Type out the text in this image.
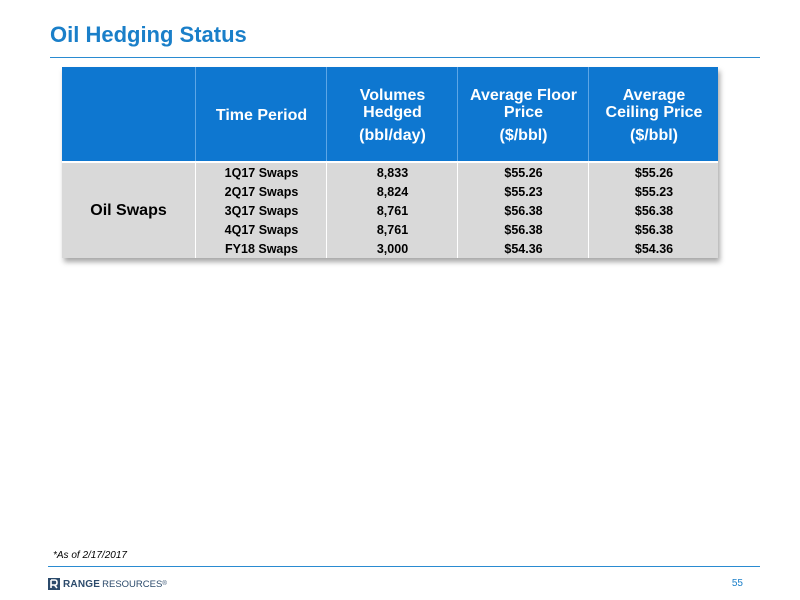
Oil Hedging Status
Time Period
Volumes
Hedged
(bbl/day)
Average Floor
Price
($/bbl)
Average
Ceiling Price
($/bbl)
Oil Swaps
1Q17 Swaps
2Q17 Swaps
3Q17 Swaps
4Q17 Swaps
FY18 Swaps
8,833
8,824
8,761
8,761
3,000
$55.26
$55.23
$56.38
$56.38
$54.36
$55.26
$55.23
$56.38
$56.38
$54.36
*As of 2/17/2017
RANGE RESOURCES ®	55
